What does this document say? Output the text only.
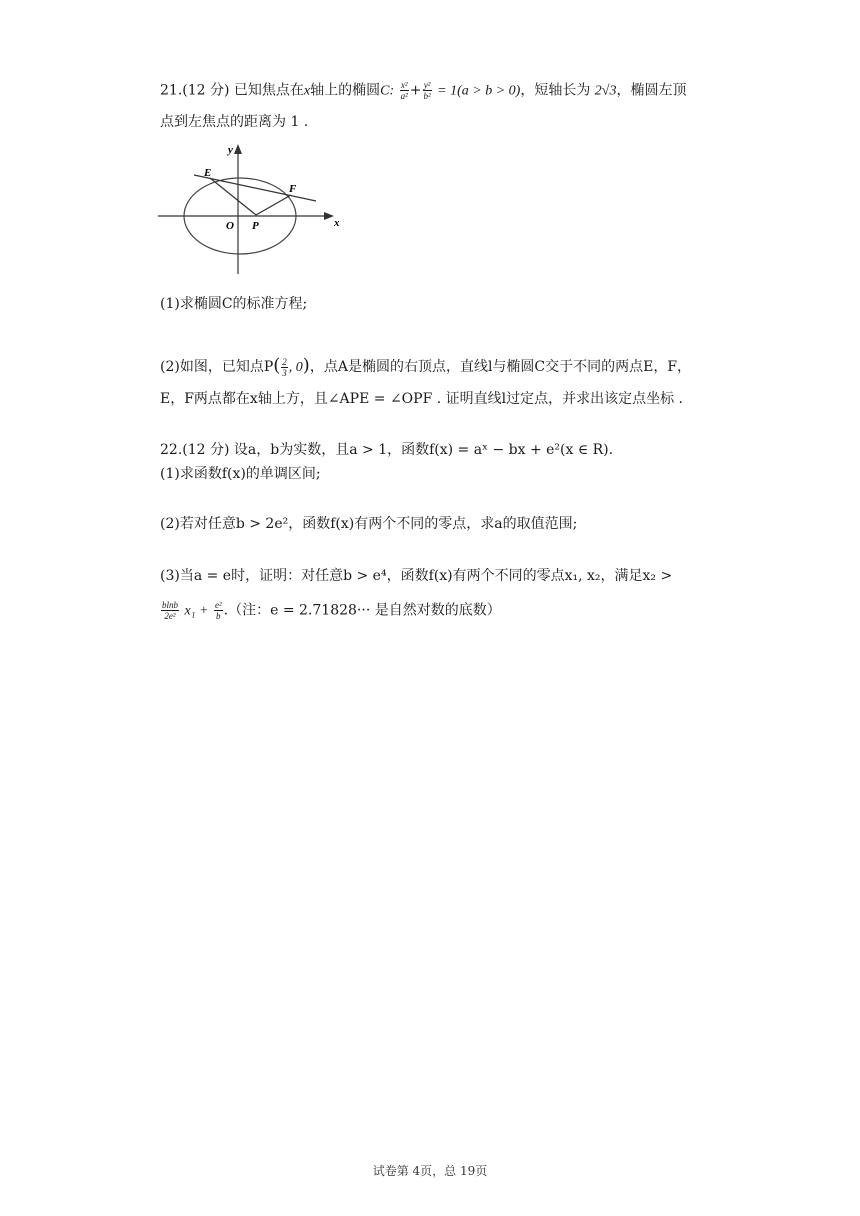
21.(12 分) 已知焦点在x轴上的椭圆C: $\frac{\text{x²}}{\text{a²}} + \frac{\text{y²}}{\text{b²}} = 1(a > b > 0)$，短轴长为 2√3，椭圆左顶
点到左焦点的距离为 1 .
y
x
E
F
O P
(1)求椭圆C的标准方程;
(2)如图，已知点$P( \frac{2}{3}$ , 0)，点A是椭圆的右顶点，直线l与椭圆C交于不同的两点E，F，
E，F两点都在x轴上方，且∠APE = ∠OPF . 证明直线l过定点，并求出该定点坐标 .
22.(12 分) 设a，b为实数，且a > 1，函数f(x) = aˣ − bx + e²(x ∈ R).
(1)求函数f(x)的单调区间;
(2)若对任意b > 2e²，函数f(x)有两个不同的零点，求a的取值范围;
(3)当a = e时，证明：对任意b > e⁴，函数f(x)有两个不同的零点x₁, x₂，满足x₂ >
$\frac{blnb}{\text{2e²}} x_1 + \frac{\text{e²}}{b}$ .（注：e = 2.71828··· 是自然对数的底数）
试卷第 4页，总 19页
